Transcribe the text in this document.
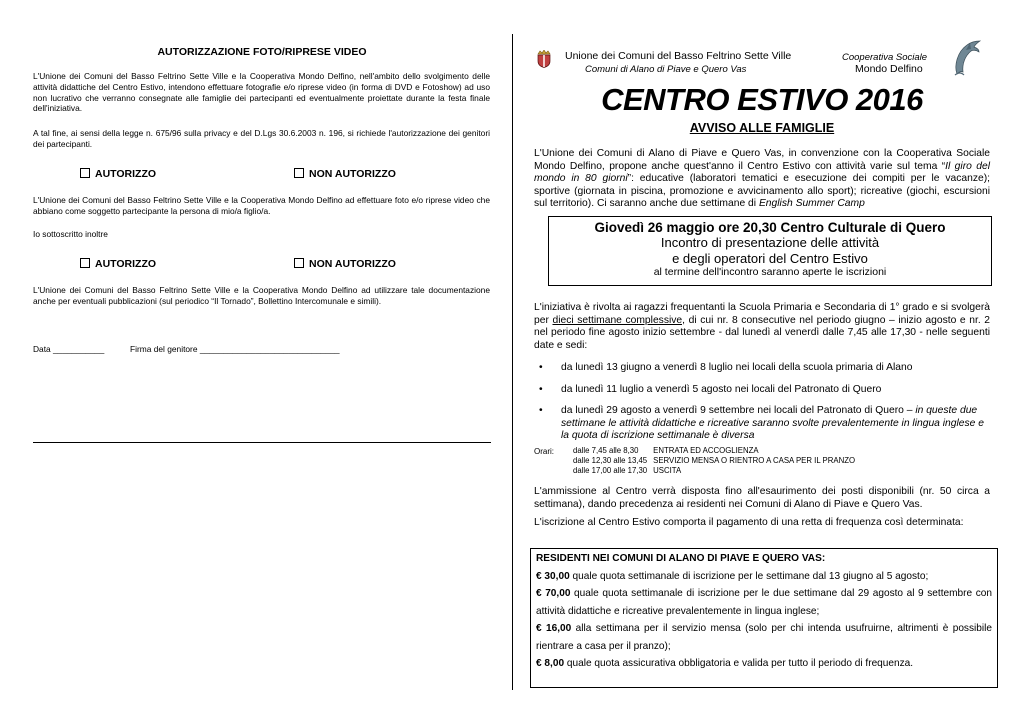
AUTORIZZAZIONE FOTO/RIPRESE VIDEO
L'Unione dei Comuni del Basso Feltrino Sette Ville e la Cooperativa Mondo Delfino, nell'ambito dello svolgimento delle attività didattiche del Centro Estivo, intendono effettuare fotografie e/o riprese video (in forma di DVD e Fotoshow) ad uso non lucrativo che verranno consegnate alle famiglie dei partecipanti ed eventualmente proiettate durante la festa finale dell'iniziativa.
A tal fine, ai sensi della legge n. 675/96 sulla privacy e del D.Lgs 30.6.2003 n. 196, si richiede l'autorizzazione dei genitori dei partecipanti.
AUTORIZZO	NON AUTORIZZO
L'Unione dei Comuni del Basso Feltrino Sette Ville e la Cooperativa Mondo Delfino ad effettuare foto e/o riprese video che abbiano come soggetto partecipante la persona di mio/a figlio/a.
Io sottoscritto inoltre
AUTORIZZO	NON AUTORIZZO
L'Unione dei Comuni del Basso Feltrino Sette Ville e la Cooperativa Mondo Delfino ad utilizzare tale documentazione anche per eventuali pubblicazioni (sul periodico “Il Tornado”, Bollettino Intercomunale e simili).
Data ___________	Firma del genitore ______________________________
Unione dei Comuni del Basso Feltrino Sette Ville
Comuni di Alano di Piave e Quero Vas
Cooperativa Sociale
Mondo Delfino
CENTRO ESTIVO 2016
AVVISO ALLE FAMIGLIE
L'Unione dei Comuni di Alano di Piave e Quero Vas, in convenzione con la Cooperativa Sociale Mondo Delfino, propone anche quest'anno il Centro Estivo con attività varie sul tema “Il giro del mondo in 80 giorni”: educative (laboratori tematici e esecuzione dei compiti per le vacanze); sportive (giornata in piscina, promozione e avvicinamento allo sport); ricreative (giochi, escursioni sul territorio). Ci saranno anche due settimane di English Summer Camp
Giovedì 26 maggio ore 20,30 Centro Culturale di Quero
Incontro di presentazione delle attività
e degli operatori del Centro Estivo
al termine dell'incontro saranno aperte le iscrizioni
L'iniziativa è rivolta ai ragazzi frequentanti la Scuola Primaria e Secondaria di 1° grado e si svolgerà per dieci settimane complessive, di cui nr. 8 consecutive nel periodo giugno – inizio agosto e nr. 2 nel periodo fine agosto inizio settembre - dal lunedì al venerdì dalle 7,45 alle 17,30 - nelle seguenti date e sedi:
• da lunedì 13 giugno a venerdì 8 luglio nei locali della scuola primaria di Alano
• da lunedì 11 luglio a venerdì 5 agosto nei locali del Patronato di Quero
• da lunedì 29 agosto a venerdì 9 settembre nei locali del Patronato di Quero – in queste due settimane le attività didattiche e ricreative saranno svolte prevalentemente in lingua inglese e la quota di iscrizione settimanale è diversa
Orari: dalle 7,45 alle 8,30	ENTRATA ED ACCOGLIENZA
dalle 12,30 alle 13,45	SERVIZIO MENSA O RIENTRO A CASA PER IL PRANZO
dalle 17,00 alle 17,30	USCITA
L'ammissione al Centro verrà disposta fino all'esaurimento dei posti disponibili (nr. 50 circa a settimana), dando precedenza ai residenti nei Comuni di Alano di Piave e Quero Vas.
L'iscrizione al Centro Estivo comporta il pagamento di una retta di frequenza così determinata:
RESIDENTI NEI COMUNI DI ALANO DI PIAVE E QUERO VAS:
€ 30,00 quale quota settimanale di iscrizione per le settimane dal 13 giugno al 5 agosto;
€ 70,00 quale quota settimanale di iscrizione per le due settimane dal 29 agosto al 9 settembre con attività didattiche e ricreative prevalentemente in lingua inglese;
€ 16,00 alla settimana per il servizio mensa (solo per chi intenda usufruirne, altrimenti è possibile rientrare a casa per il pranzo);
€ 8,00 quale quota assicurativa obbligatoria e valida per tutto il periodo di frequenza.
